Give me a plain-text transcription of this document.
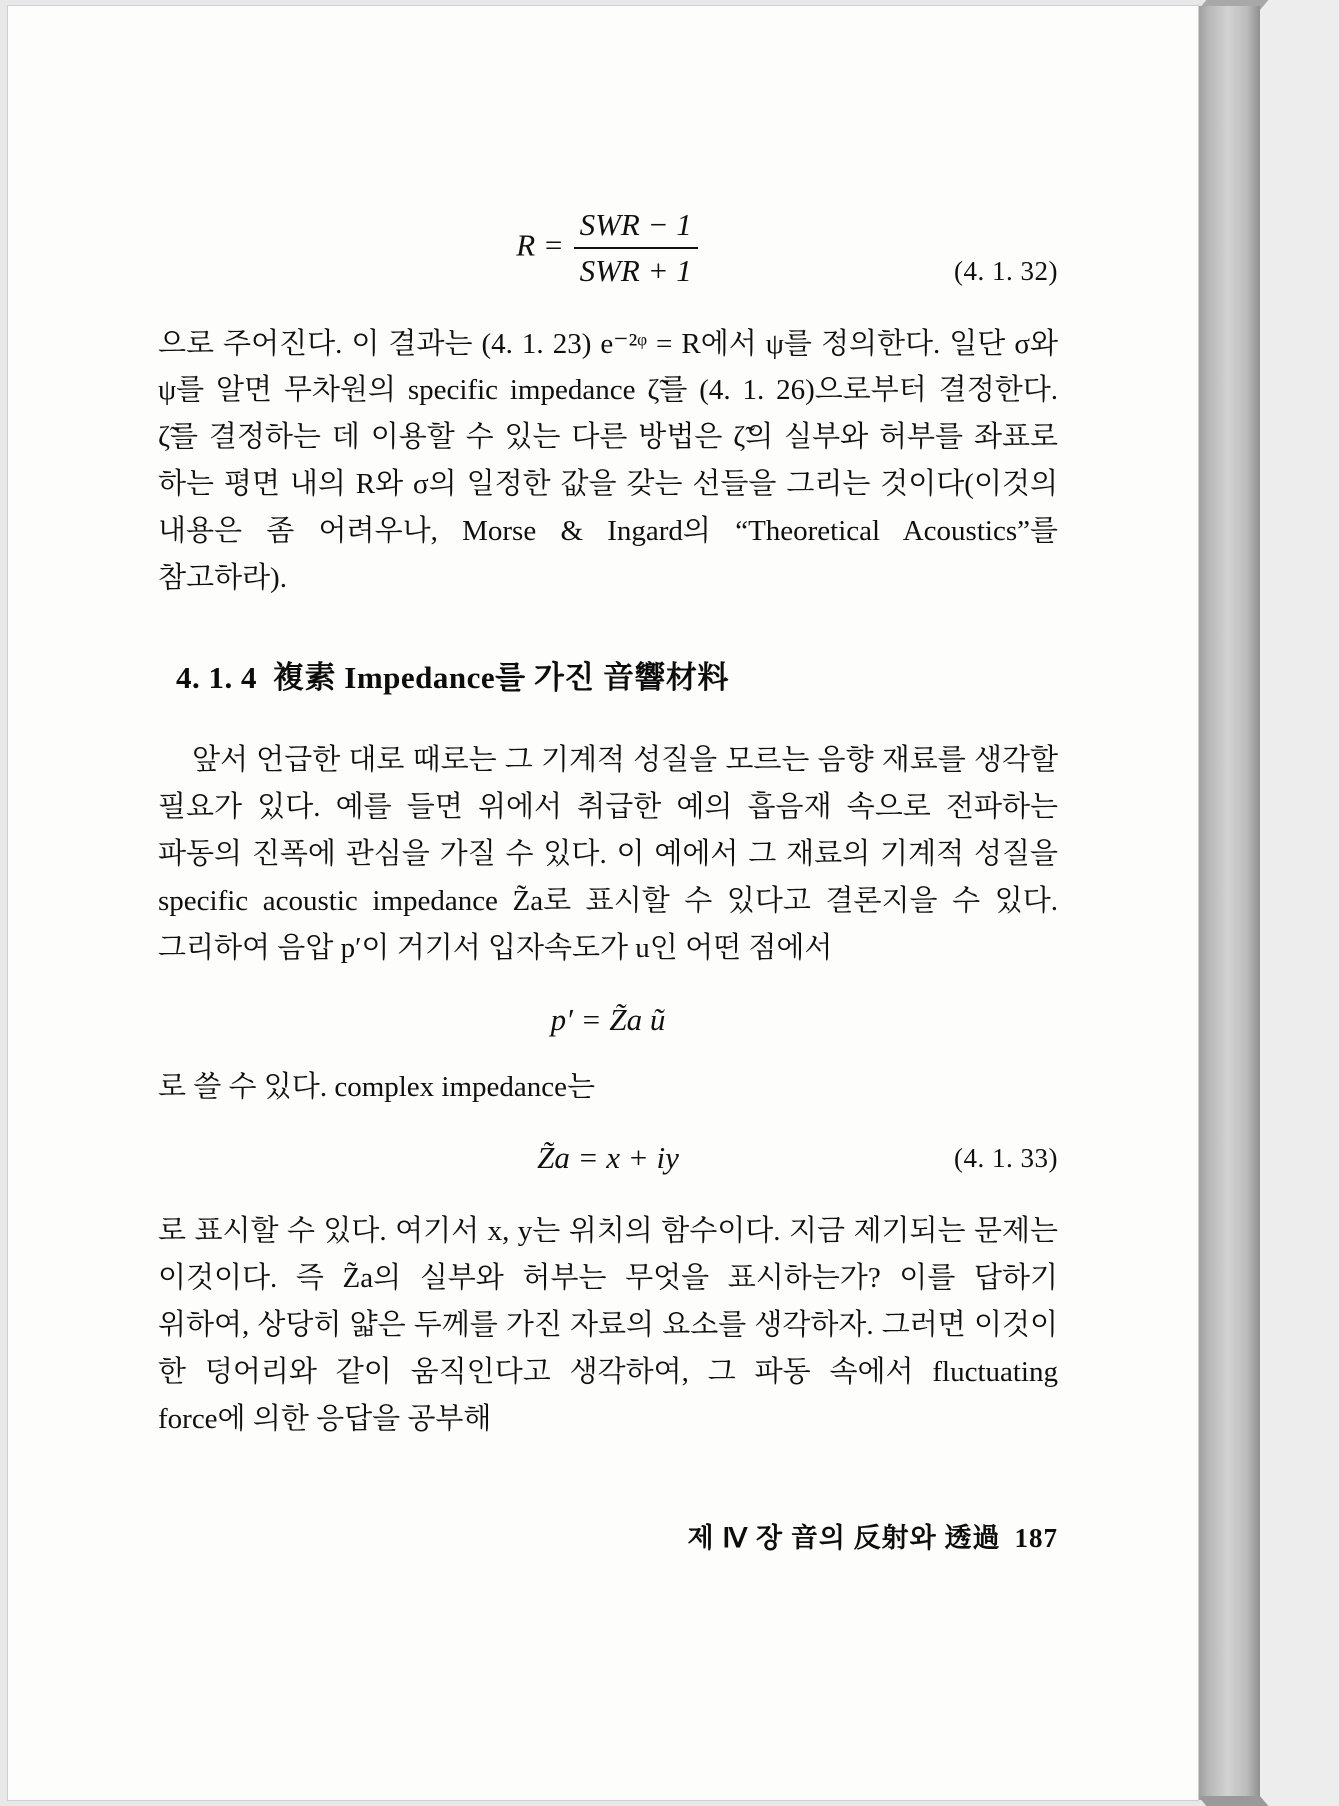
$R = \frac{\text{SWR − 1}}{\text{SWR + 1}}$	(4. 1. 32)

으로 주어진다. 이 결과는 (4. 1. 23) e⁻²ᵠ = R에서 ψ를 정의한다. 일단 σ와 ψ를 알면 무차원의 specific impedance ζ̃를 (4. 1. 26)으로부터 결정한다. ζ̃를 결정하는 데 이용할 수 있는 다른 방법은 ζ̃의 실부와 허부를 좌표로 하는 평면 내의 R와 σ의 일정한 값을 갖는 선들을 그리는 것이다(이것의 내용은 좀 어려우나, Morse & Ingard의 “Theoretical Acoustics”를 참고하라).

4. 1. 4 複素 Impedance를 가진 音響材料

앞서 언급한 대로 때로는 그 기계적 성질을 모르는 음향 재료를 생각할 필요가 있다. 예를 들면 위에서 취급한 예의 흡음재 속으로 전파하는 파동의 진폭에 관심을 가질 수 있다. 이 예에서 그 재료의 기계적 성질을 specific acoustic impedance Z̃a로 표시할 수 있다고 결론지을 수 있다. 그리하여 음압 p′이 거기서 입자속도가 u인 어떤 점에서

p′ = Z̃a ũ

로 쓸 수 있다. complex impedance는

Z̃a = x + iy	(4. 1. 33)

로 표시할 수 있다. 여기서 x, y는 위치의 함수이다. 지금 제기되는 문제는 이것이다. 즉 Z̃a의 실부와 허부는 무엇을 표시하는가? 이를 답하기 위하여, 상당히 얇은 두께를 가진 자료의 요소를 생각하자. 그러면 이것이 한 덩어리와 같이 움직인다고 생각하여, 그 파동 속에서 fluctuating force에 의한 응답을 공부해

제 Ⅳ 장 音의 反射와 透過 187
